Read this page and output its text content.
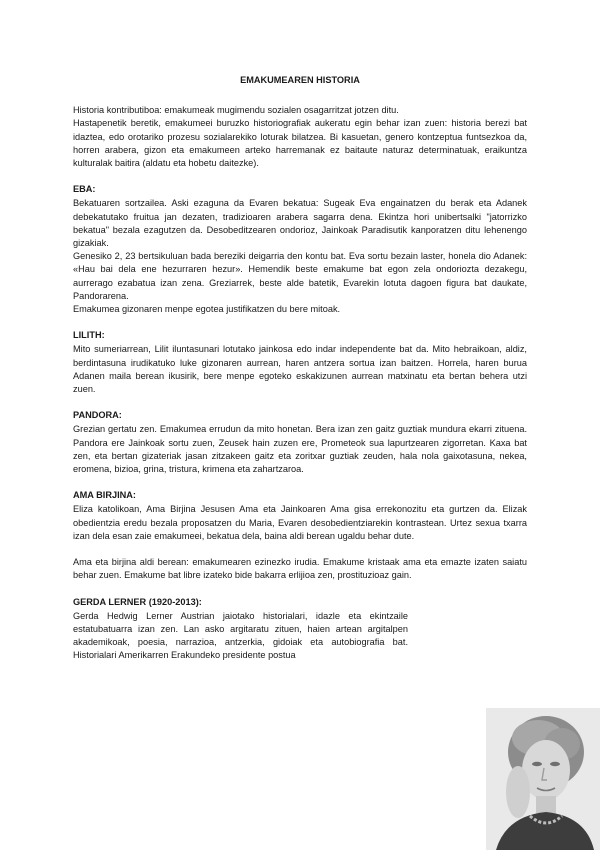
EMAKUMEAREN HISTORIA

Historia kontributiboa: emakumeak mugimendu sozialen osagarritzat jotzen ditu.

Hastapenetik beretik, emakumeei buruzko historiografiak aukeratu egin behar izan zuen: historia berezi bat idaztea, edo orotariko prozesu sozialarekiko loturak bilatzea. Bi kasuetan, genero kontzeptua funtsezkoa da, horren arabera, gizon eta emakumeen arteko harremanak ez baitaute naturaz determinatuak, eraikuntza kulturalak baitira (aldatu eta hobetu daitezke).

EBA:

Bekatuaren sortzailea. Aski ezaguna da Evaren bekatua: Sugeak Eva engainatzen du berak eta Adanek debekatutako fruitua jan dezaten, tradizioaren arabera sagarra dena. Ekintza hori unibertsalki "jatorrizko bekatua" bezala ezagutzen da. Desobeditzearen ondorioz, Jainkoak Paradisutik kanporatzen ditu lehenengo gizakiak.

Genesiko 2, 23 bertsikuluan bada bereziki deigarria den kontu bat. Eva sortu bezain laster, honela dio Adanek: «Hau bai dela ene hezurraren hezur». Hemendik beste emakume bat egon zela ondorioztа dezakegu, aurrerago ezabatua izan zena. Greziarrek, beste alde batetik, Evarekin lotuta dagoen figura bat daukate, Pandorarena.

Emakumea gizonaren menpe egotea justifikatzen du bere mitoak.

LILITH:

Mito sumeriarrean, Lilit iluntasunari lotutako jainkosa edo indar independente bat da. Mito hebraikoan, aldiz, berdintasuna irudikatuko luke gizonaren aurrean, haren antzera sortua izan baitzen. Horrela, haren burua Adanen maila berean ikusirik, bere menpe egoteko eskakizunen aurrean matxinatu eta bertan behera utzi zuen.

PANDORA:

Grezian gertatu zen. Emakumea errudun da mito honetan. Bera izan zen gaitz guztiak mundura ekarri zituena. Pandora ere Jainkoak sortu zuen, Zeusek hain zuzen ere, Prometeok sua lapurtzearen zigorretan. Kaxa bat zen, eta bertan gizateriak jasan zitzakeen gaitz eta zoritxar guztiak zeuden, hala nola gaixotasuna, nekea, eromena, bizioa, grina, tristura, krimena eta zahartzaroa.

AMA BIRJINA:

Eliza katolikoan, Ama Birjina Jesusen Ama eta Jainkoaren Ama gisa errekonozitu eta gurtzen da. Elizak obedientzia eredu bezala proposatzen du Maria, Evaren desobedientziarekin kontrastean. Urtez sexua txarra izan dela esan zaie emakumeei, bekatua dela, baina aldi berean ugaldu behar dute.

Ama eta birjina aldi berean: emakumearen ezinezko irudia. Emakume kristaak ama eta emazte izaten saiatu behar zuen. Emakume bat libre izateko bide bakarra erlijioa zen, prostituzioaz gain.

GERDA LERNER (1920-2013):

Gerda Hedwig Lerner Austrian jaiotako historialari, idazle eta ekintzaile estatubatuarra izan zen. Lan asko argitaratu zituen, haien artean argitalpen akademikoak, poesia, narrazioa, antzerkia, gidoiak eta autobiografia bat. Historialari Amerikarren Erakundeko presidente postua
